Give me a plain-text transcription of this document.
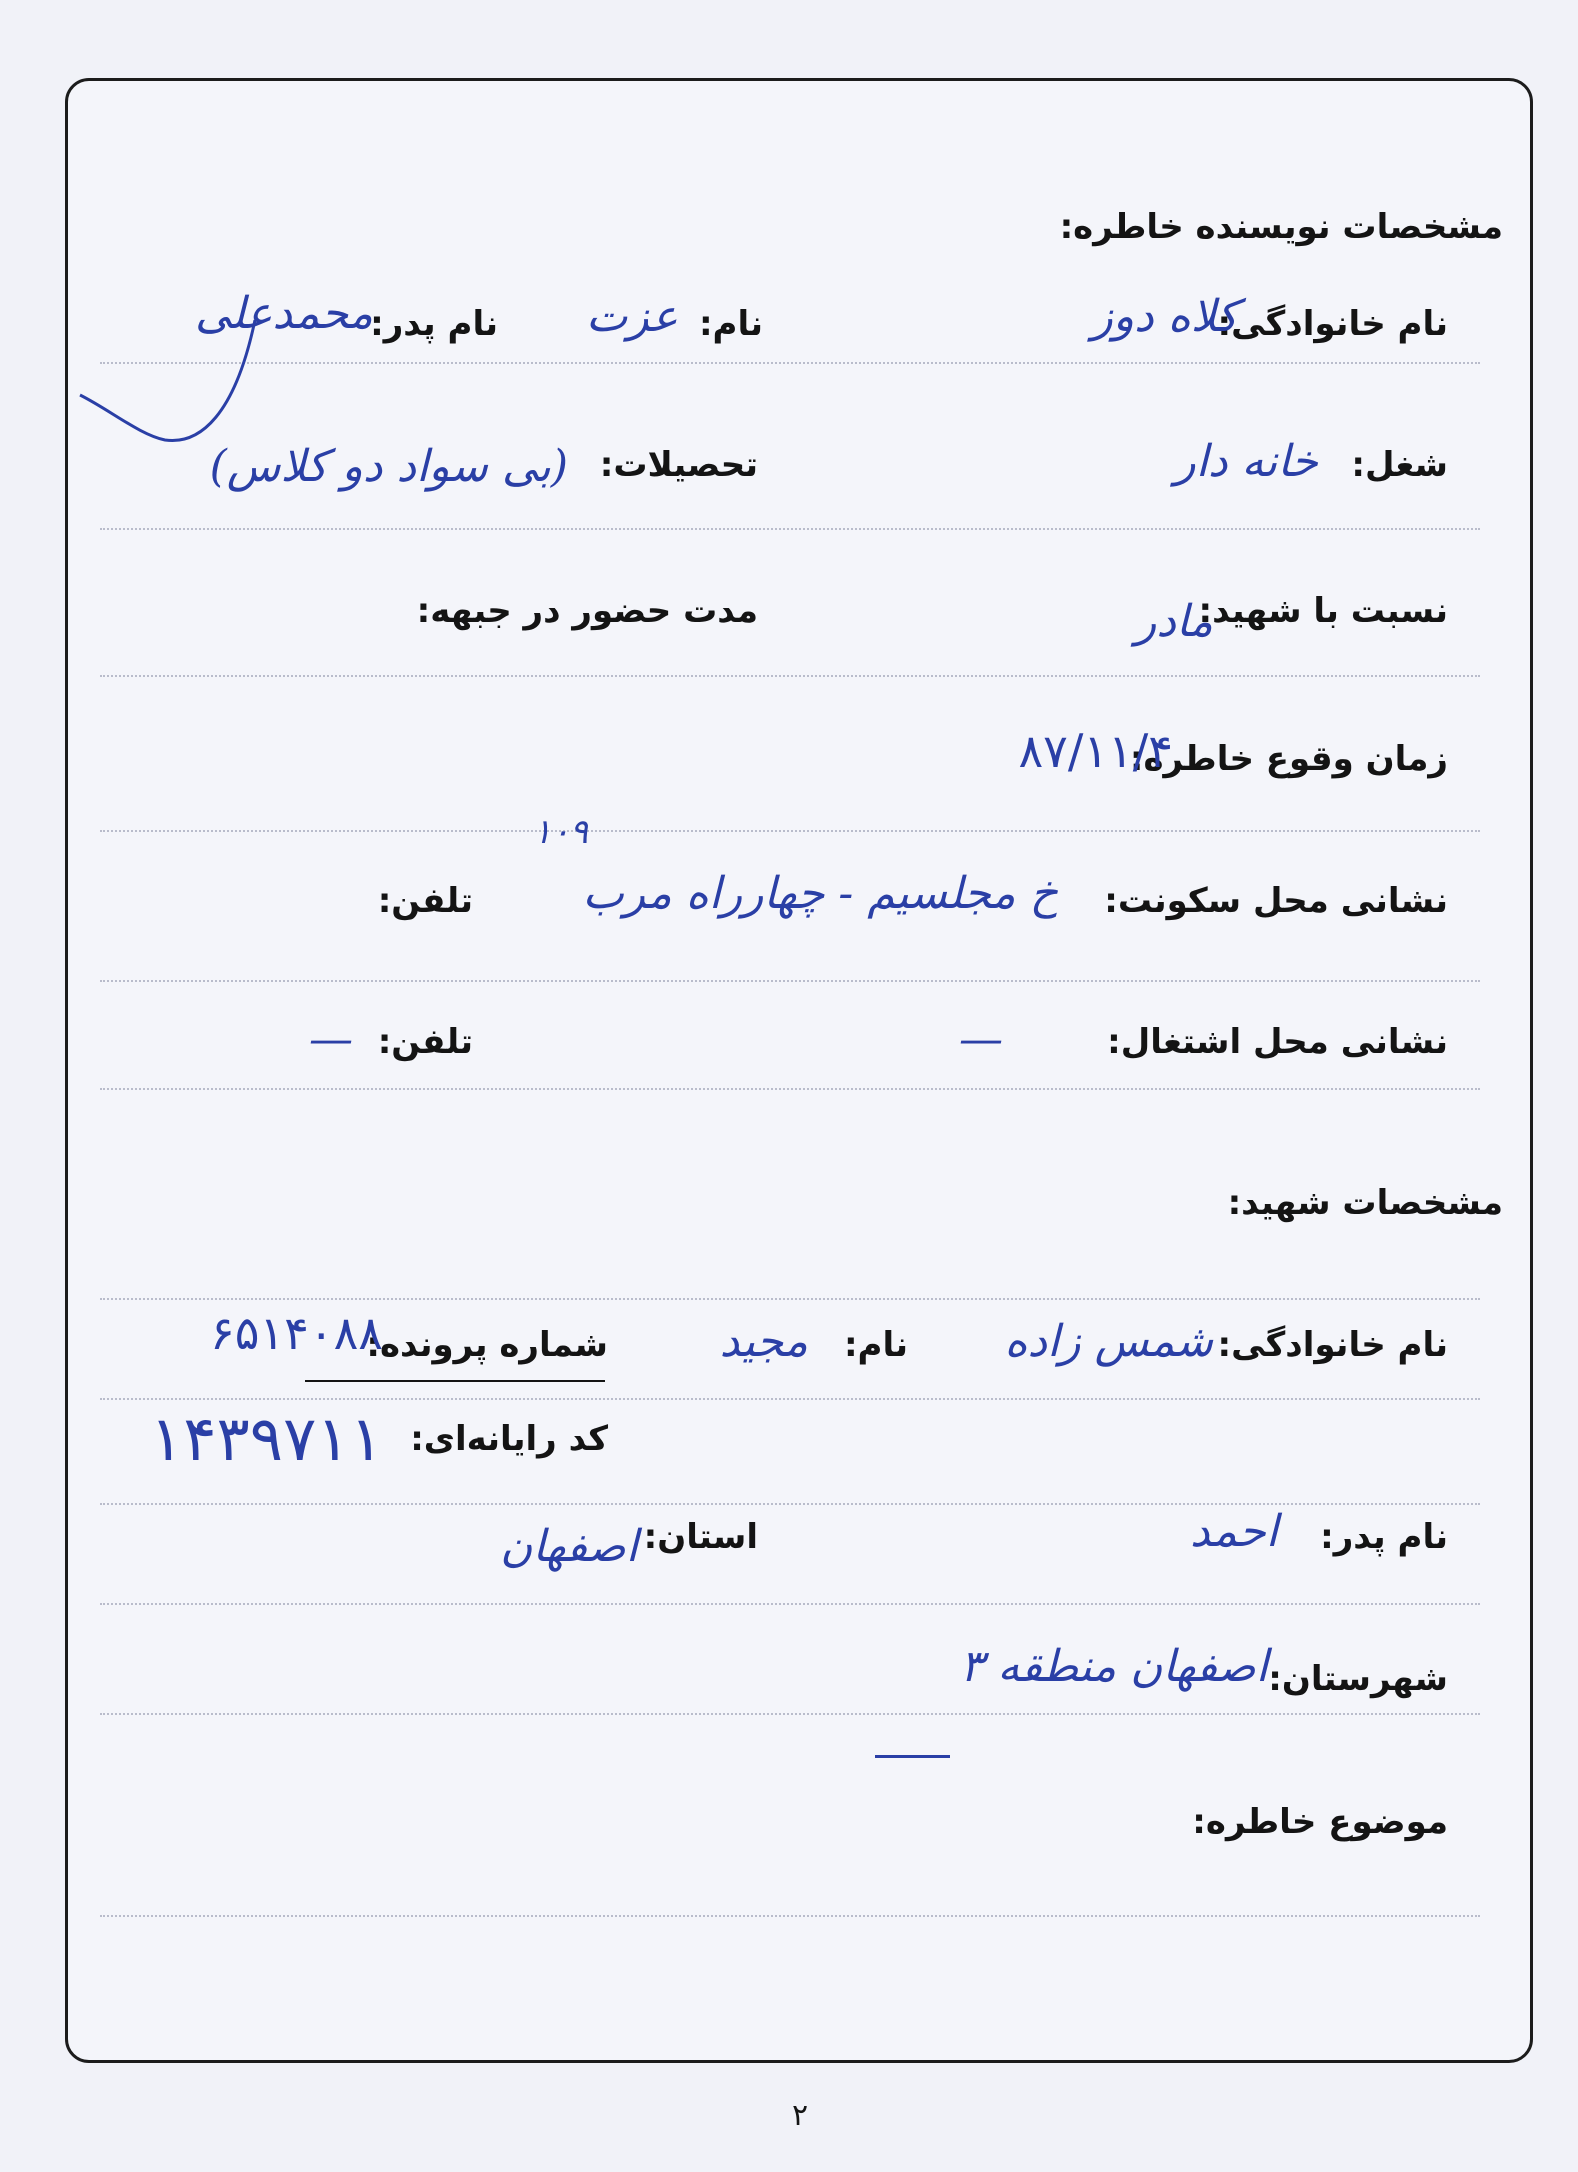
مشخصات نویسنده خاطره:
نام خانوادگی:
کلاه دوز
نام:
عزت
نام پدر:
محمدعلی
شغل:
خانه دار
تحصیلات:
(بی سواد دو کلاس)
نسبت با شهید:
مادر
مدت حضور در جبهه:
زمان وقوع خاطره:
۸۷/۱۱/۴
نشانی محل سکونت:
۱۰۹
خ مجلسیم - چهارراه مرب
تلفن:
نشانی محل اشتغال:
—
تلفن:
—
مشخصات شهید:
نام خانوادگی:
شمس زاده
نام:
مجید
شماره پرونده:
۶۵۱۴۰۸۸
کد رایانه‌ای:
۱۴۳۹۷۱۱
نام پدر:
احمد
استان:
اصفهان
شهرستان:
اصفهان منطقه ۳
موضوع خاطره:
۲
